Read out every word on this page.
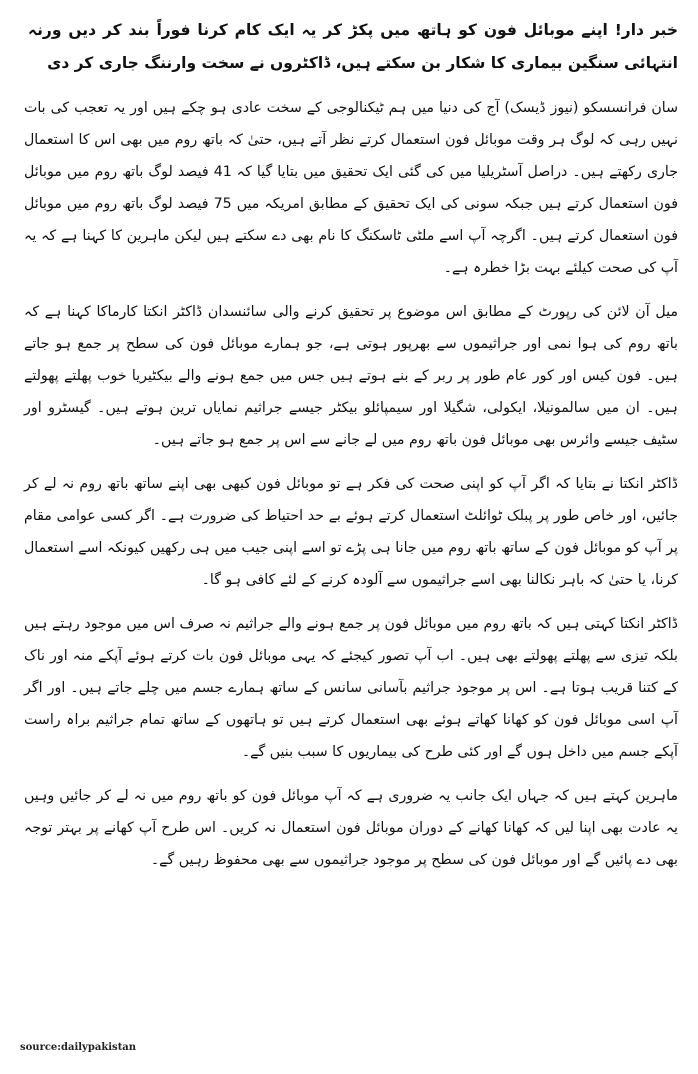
خبر دار! اپنے موبائل فون کو ہاتھ میں پکڑ کر یہ ایک کام کرنا فوراً بند کر دیں ورنہ انتہائی سنگین بیماری کا شکار بن سکتے ہیں، ڈاکٹروں نے سخت وارننگ جاری کر دی

سان فرانسسکو (نیوز ڈیسک) آج کی دنیا میں ہم ٹیکنالوجی کے سخت عادی ہو چکے ہیں اور یہ تعجب کی بات نہیں رہی کہ لوگ ہر وقت موبائل فون استعمال کرتے نظر آتے ہیں، حتیٰ کہ باتھ روم میں بھی اس کا استعمال جاری رکھتے ہیں۔ دراصل آسٹریلیا میں کی گئی ایک تحقیق میں بتایا گیا کہ 41 فیصد لوگ باتھ روم میں موبائل فون استعمال کرتے ہیں جبکہ سونی کی ایک تحقیق کے مطابق امریکہ میں 75 فیصد لوگ باتھ روم میں موبائل فون استعمال کرتے ہیں۔ اگرچہ آپ اسے ملٹی ٹاسکنگ کا نام بھی دے سکتے ہیں لیکن ماہرین کا کہنا ہے کہ یہ آپ کی صحت کیلئے بہت بڑا خطرہ ہے۔

میل آن لائن کی رپورٹ کے مطابق اس موضوع پر تحقیق کرنے والی سائنسدان ڈاکٹر انکتا کارماکا کہنا ہے کہ باتھ روم کی ہوا نمی اور جراثیموں سے بھرپور ہوتی ہے، جو ہمارے موبائل فون کی سطح پر جمع ہو جاتے ہیں۔ فون کیس اور کور عام طور پر ربر کے بنے ہوتے ہیں جس میں جمع ہونے والے بیکٹیریا خوب پھلتے پھولتے ہیں۔ ان میں سالمونیلا، ایکولی، شگیلا اور سیمپائلو بیکٹر جیسے جراثیم نمایاں ترین ہوتے ہیں۔ گیسٹرو اور سٹیف جیسے وائرس بھی موبائل فون باتھ روم میں لے جانے سے اس پر جمع ہو جاتے ہیں۔

ڈاکٹر انکتا نے بتایا کہ اگر آپ کو اپنی صحت کی فکر ہے تو موبائل فون کبھی بھی اپنے ساتھ باتھ روم نہ لے کر جائیں، اور خاص طور پر پبلک ٹوائلٹ استعمال کرتے ہوئے بے حد احتیاط کی ضرورت ہے۔ اگر کسی عوامی مقام پر آپ کو موبائل فون کے ساتھ باتھ روم میں جانا ہی پڑے تو اسے اپنی جیب میں ہی رکھیں کیونکہ اسے استعمال کرنا، یا حتیٰ کہ باہر نکالنا بھی اسے جراثیموں سے آلودہ کرنے کے لئے کافی ہو گا۔

ڈاکٹر انکتا کہتی ہیں کہ باتھ روم میں موبائل فون پر جمع ہونے والے جراثیم نہ صرف اس میں موجود رہتے ہیں بلکہ تیزی سے پھلتے پھولتے بھی ہیں۔ اب آپ تصور کیجئے کہ یہی موبائل فون بات کرتے ہوئے آپکے منہ اور ناک کے کتنا قریب ہوتا ہے۔ اس پر موجود جراثیم بآسانی سانس کے ساتھ ہمارے جسم میں چلے جاتے ہیں۔ اور اگر آپ اسی موبائل فون کو کھانا کھاتے ہوئے بھی استعمال کرتے ہیں تو ہاتھوں کے ساتھ تمام جراثیم براہ راست آپکے جسم میں داخل ہوں گے اور کئی طرح کی بیماریوں کا سبب بنیں گے۔

ماہرین کہتے ہیں کہ جہاں ایک جانب یہ ضروری ہے کہ آپ موبائل فون کو باتھ روم میں نہ لے کر جائیں وہیں یہ عادت بھی اپنا لیں کہ کھانا کھانے کے دوران موبائل فون استعمال نہ کریں۔ اس طرح آپ کھانے پر بہتر توجہ بھی دے پائیں گے اور موبائل فون کی سطح پر موجود جراثیموں سے بھی محفوظ رہیں گے۔

source:dailypakistan
